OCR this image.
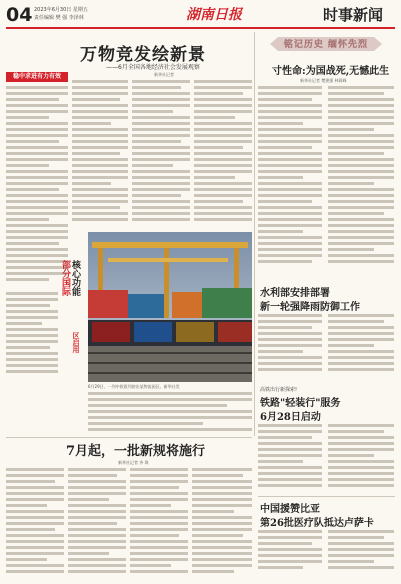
04 2023年6月30日 星期五
责任编辑 樊 强 李泽林	湖南日报	时事新闻
万物竞发绘新景
——6月全国各地经济社会发展观察
新华社记者
稳中求进有力有效
部分国际 核心功能
区启用
6月29日，一列中欧班列驶出某物流园区。新华社发
铭记历史 缅怀先烈
寸性命:为国战死,无憾此生
新华社记者 樊建强 林莉峰
水利部安排部署
新一轮强降雨防御工作
高铁出行新探索!
铁路"轻装行"服务
6月28日启动
7月起，一批新规将施行
新华社记者 齐 琪
中国援赞比亚
第26批医疗队抵达卢萨卡
